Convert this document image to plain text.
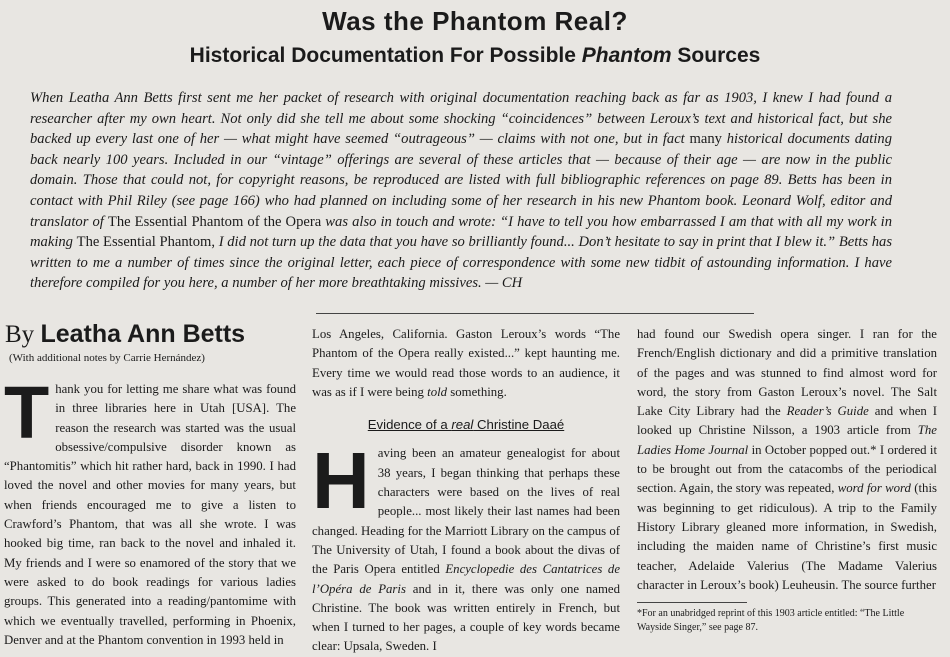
Was the Phantom Real?
Historical Documentation For Possible Phantom Sources

When Leatha Ann Betts first sent me her packet of research with original documentation reaching back as far as 1903, I knew I had found a researcher after my own heart. Not only did she tell me about some shocking “coincidences” between Leroux’s text and historical fact, but she backed up every last one of her — what might have seemed “outrageous” — claims with not one, but in fact many historical documents dating back nearly 100 years. Included in our “vintage” offerings are several of these articles that — because of their age — are now in the public domain. Those that could not, for copyright reasons, be reproduced are listed with full bibliographic references on page 89. Betts has been in contact with Phil Riley (see page 166) who had planned on including some of her research in his new Phantom book. Leonard Wolf, editor and translator of The Essential Phantom of the Opera was also in touch and wrote: “I have to tell you how embarrassed I am that with all my work in making The Essential Phantom, I did not turn up the data that you have so brilliantly found... Don’t hesitate to say in print that I blew it.” Betts has written to me a number of times since the original letter, each piece of correspondence with some new tidbit of astounding information. I have therefore compiled for you here, a number of her more breathtaking missives. — CH

By Leatha Ann Betts

(With additional notes by Carrie Hernández)

Thank you for letting me share what was found in three libraries here in Utah [USA]. The reason the research was started was the usual obsessive/compulsive disorder known as “Phantomitis” which hit rather hard, back in 1990. I had loved the novel and other movies for many years, but when friends encouraged me to give a listen to Crawford’s Phantom, that was all she wrote. I was hooked big time, ran back to the novel and inhaled it. My friends and I were so enamored of the story that we were asked to do book readings for various ladies groups. This generated into a reading/pantomime with which we eventually travelled, performing in Phoenix, Denver and at the Phantom convention in 1993 held in

Los Angeles, California. Gaston Leroux’s words “The Phantom of the Opera really existed...” kept haunting me. Every time we would read those words to an audience, it was as if I were being told something.

Evidence of a real Christine Daaé

Having been an amateur genealogist for about 38 years, I began thinking that perhaps these characters were based on the lives of real people... most likely their last names had been changed. Heading for the Marriott Library on the campus of The University of Utah, I found a book about the divas of the Paris Opera entitled Encyclopedie des Cantatrices de l’Opéra de Paris and in it, there was only one named Christine. The book was written entirely in French, but when I turned to her pages, a couple of key words became clear: Upsala, Sweden. I

had found our Swedish opera singer. I ran for the French/English dictionary and did a primitive translation of the pages and was stunned to find almost word for word, the story from Gaston Leroux’s novel. The Salt Lake City Library had the Reader’s Guide and when I looked up Christine Nilsson, a 1903 article from The Ladies Home Journal in October popped out.* I ordered it to be brought out from the catacombs of the periodical section. Again, the story was repeated, word for word (this was beginning to get ridiculous). A trip to the Family History Library gleaned more information, in Swedish, including the maiden name of Christine’s first music teacher, Adelaide Valerius (The Madame Valerius character in Leroux’s book) Leuheusin. The source further

*For an unabridged reprint of this 1903 article entitled: “The Little Wayside Singer,” see page 87.
